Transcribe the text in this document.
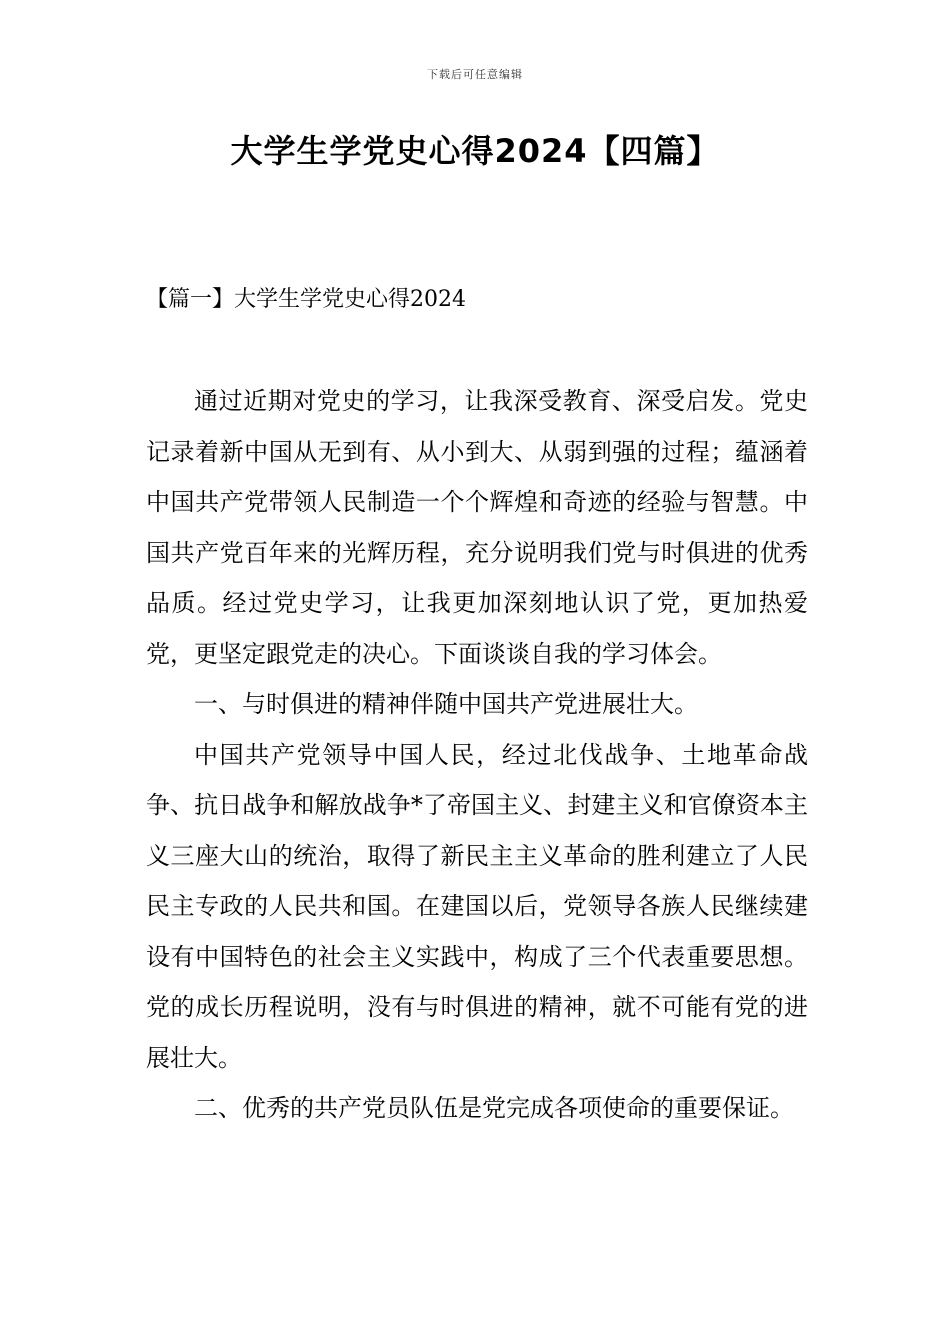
下载后可任意编辑
大学生学党史心得2024【四篇】
【篇一】大学生学党史心得2024

通过近期对党史的学习，让我深受教育、深受启发。党史记录着新中国从无到有、从小到大、从弱到强的过程；蕴涵着中国共产党带领人民制造一个个辉煌和奇迹的经验与智慧。中国共产党百年来的光辉历程，充分说明我们党与时俱进的优秀品质。经过党史学习，让我更加深刻地认识了党，更加热爱党，更坚定跟党走的决心。下面谈谈自我的学习体会。

一、与时俱进的精神伴随中国共产党进展壮大。

中国共产党领导中国人民，经过北伐战争、土地革命战争、抗日战争和解放战争*了帝国主义、封建主义和官僚资本主义三座大山的统治，取得了新民主主义革命的胜利建立了人民民主专政的人民共和国。在建国以后，党领导各族人民继续建设有中国特色的社会主义实践中，构成了三个代表重要思想。党的成长历程说明，没有与时俱进的精神，就不可能有党的进展壮大。

二、优秀的共产党员队伍是党完成各项使命的重要保证。
